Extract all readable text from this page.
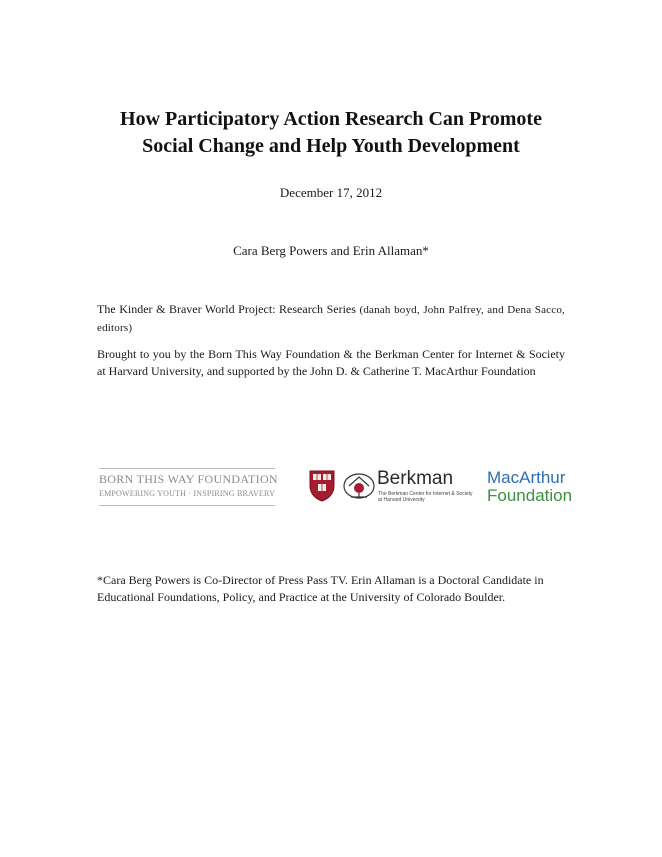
How Participatory Action Research Can Promote
Social Change and Help Youth Development
December 17, 2012
Cara Berg Powers and Erin Allaman*
The Kinder & Braver World Project: Research Series (danah boyd, John Palfrey, and Dena Sacco, editors)
Brought to you by the Born This Way Foundation & the Berkman Center for Internet & Society at Harvard University, and supported by the John D. & Catherine T. MacArthur Foundation
BORN THIS WAY FOUNDATION
EMPOWERING YOUTH · INSPIRING BRAVERY
Berkman
The Berkman Center for Internet & Society
at Harvard University
MacArthur
Foundation
*Cara Berg Powers is Co-Director of Press Pass TV. Erin Allaman is a Doctoral Candidate in Educational Foundations, Policy, and Practice at the University of Colorado Boulder.
